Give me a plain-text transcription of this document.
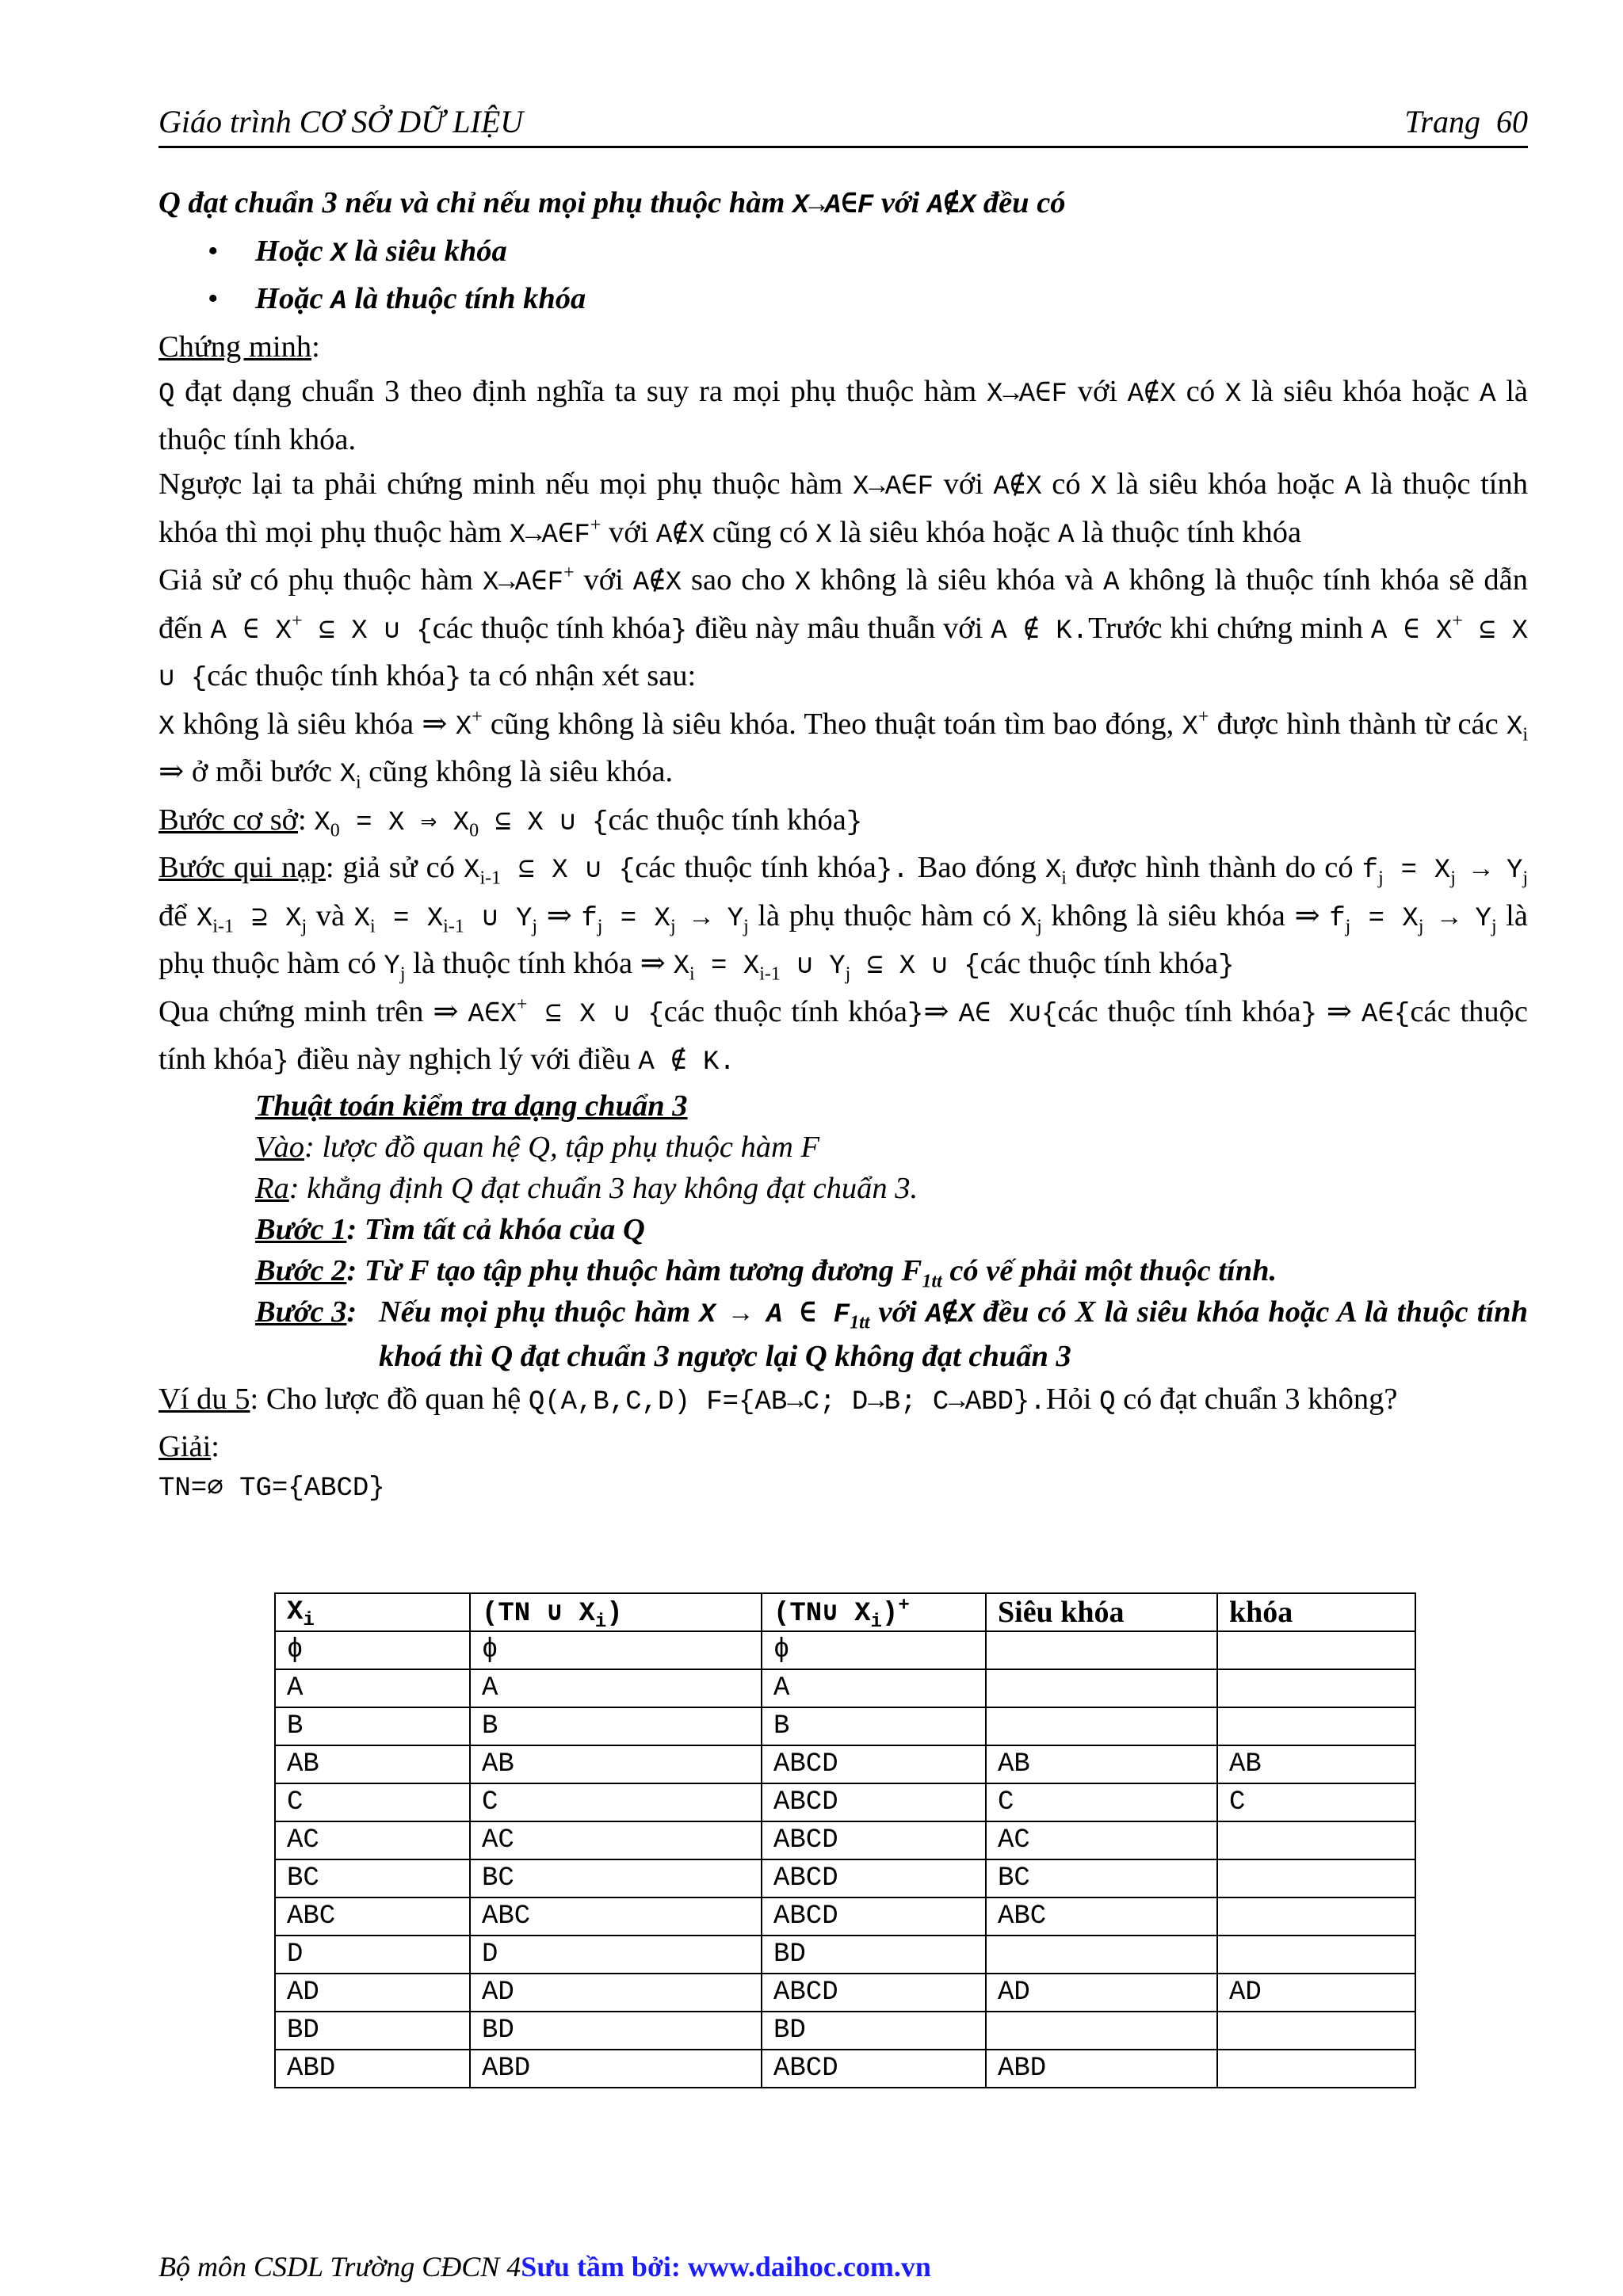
Giáo trình CƠ SỞ DỮ LIỆU	Trang 60

Q đạt chuẩn 3 nếu và chỉ nếu mọi phụ thuộc hàm X→A∈F với A∉X đều có

• Hoặc X là siêu khóa
• Hoặc A là thuộc tính khóa

Chứng minh:

Q đạt dạng chuẩn 3 theo định nghĩa ta suy ra mọi phụ thuộc hàm X→A∈F với A∉X có X là siêu khóa hoặc A là thuộc tính khóa.

Ngược lại ta phải chứng minh nếu mọi phụ thuộc hàm X→A∈F với A∉X có X là siêu khóa hoặc A là thuộc tính khóa thì mọi phụ thuộc hàm X→A∈F+ với A∉X cũng có X là siêu khóa hoặc A là thuộc tính khóa

Giả sử có phụ thuộc hàm X→A∈F+ với A∉X sao cho X không là siêu khóa và A không là thuộc tính khóa sẽ dẫn đến A ∈ X+ ⊆ X ∪ {các thuộc tính khóa} điều này mâu thuẫn với A ∉ K.Trước khi chứng minh A ∈ X+ ⊆ X ∪ {các thuộc tính khóa} ta có nhận xét sau:

X không là siêu khóa ⇒ X+ cũng không là siêu khóa. Theo thuật toán tìm bao đóng, X+ được hình thành từ các $X_i$ ⇒ ở mỗi bước $X_i$ cũng không là siêu khóa.

Bước cơ sở: $X_0 = X$ ⇒ $X_0$ ⊆ X ∪ {các thuộc tính khóa}

Bước qui nạp: giả sử có $X_{i-1}$ ⊆ X ∪ {các thuộc tính khóa}. Bao đóng $X_i$ được hình thành do có $f_j = X_j \to Y_j$ để $X_{i-1}$ ⊇ $X_j$ và $X_i = X_{i-1}$ ∪ $Y_j$ ⇒ $f_j = X_j \to Y_j$ là phụ thuộc hàm có $X_j$ không là siêu khóa ⇒ $f_j = X_j \to Y_j$ là phụ thuộc hàm có $Y_j$ là thuộc tính khóa ⇒ $X_i = X_{i-1}$ ∪ $Y_j$ ⊆ X ∪ {các thuộc tính khóa}

Qua chứng minh trên ⇒ A∈X+ ⊆ X ∪ {các thuộc tính khóa}⇒ A∈ X∪{các thuộc tính khóa} ⇒ A∈{các thuộc tính khóa} điều này nghịch lý với điều A ∉ K.

Thuật toán kiểm tra dạng chuẩn 3

Vào: lược đồ quan hệ Q, tập phụ thuộc hàm F

Ra: khẳng định Q đạt chuẩn 3 hay không đạt chuẩn 3.

Bước 1: Tìm tất cả khóa của Q

Bước 2: Từ F tạo tập phụ thuộc hàm tương đương $F_{1tt}$ có vế phải một thuộc tính.

Bước 3: Nếu mọi phụ thuộc hàm X → A ∈ $F_{1tt}$ với A∉X đều có X là siêu khóa hoặc A là thuộc tính khoá thì Q đạt chuẩn 3 ngược lại Q không đạt chuẩn 3

Ví du 5: Cho lược đồ quan hệ Q(A,B,C,D) F={AB→C; D→B; C→ABD}.Hỏi Q có đạt chuẩn 3 không?

Giải:

TN=∅ TG={ABCD}

$X_i$	(TN ∪ $X_i$)	(TN∪ $X_i)^+$	Siêu khóa	khóa
ϕ	ϕ	ϕ		
A	A	A		
B	B	B		
AB	AB	ABCD	AB	AB
C	C	ABCD	C	C
AC	AC	ABCD	AC	
BC	BC	ABCD	BC	
ABC	ABC	ABCD	ABC	
D	D	BD		
AD	AD	ABCD	AD	AD
BD	BD	BD		
ABD	ABD	ABCD	ABD	
Bộ môn CSDL Trường CĐCN 4Sưu tầm bởi: www.daihoc.com.vn
